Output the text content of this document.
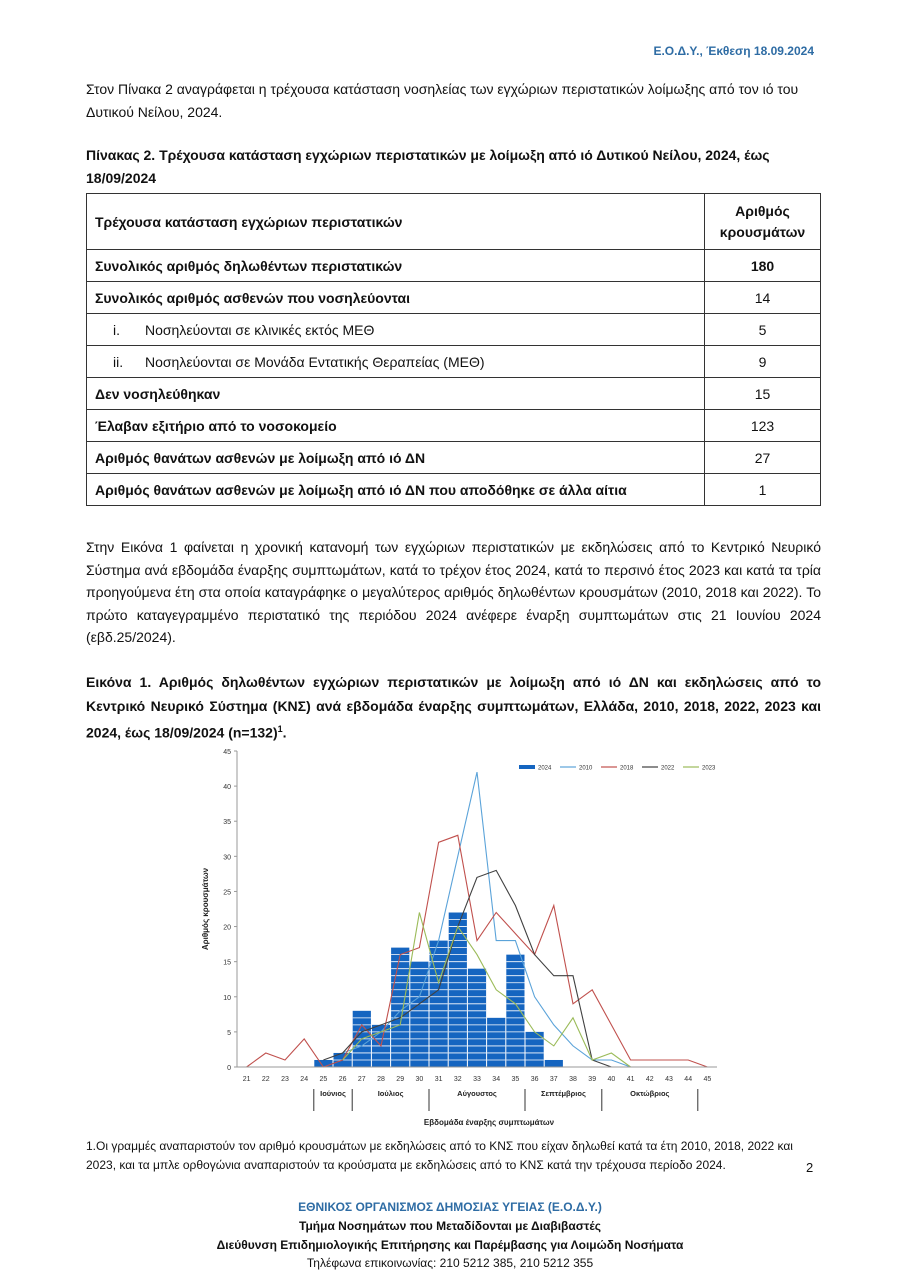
Ε.Ο.Δ.Υ., Έκθεση 18.09.2024
Στον Πίνακα 2 αναγράφεται η τρέχουσα κατάσταση νοσηλείας των εγχώριων περιστατικών λοίμωξης από τον ιό του Δυτικού Νείλου, 2024.
Πίνακας 2. Τρέχουσα κατάσταση εγχώριων περιστατικών με λοίμωξη από ιό Δυτικού Νείλου, 2024, έως 18/09/2024
Τρέχουσα κατάσταση εγχώριων περιστατικών	Αριθμός κρουσμάτων
Συνολικός αριθμός δηλωθέντων περιστατικών	180
Συνολικός αριθμός ασθενών που νοσηλεύονται	14
i. Νοσηλεύονται σε κλινικές εκτός ΜΕΘ	5
ii. Νοσηλεύονται σε Μονάδα Εντατικής Θεραπείας (ΜΕΘ)	9
Δεν νοσηλεύθηκαν	15
Έλαβαν εξιτήριο από το νοσοκομείο	123
Αριθμός θανάτων ασθενών με λοίμωξη από ιό ΔΝ	27
Αριθμός θανάτων ασθενών με λοίμωξη από ιό ΔΝ που αποδόθηκε σε άλλα αίτια	1
Στην Εικόνα 1 φαίνεται η χρονική κατανομή των εγχώριων περιστατικών με εκδηλώσεις από το Κεντρικό Νευρικό Σύστημα ανά εβδομάδα έναρξης συμπτωμάτων, κατά το τρέχον έτος 2024, κατά το περσινό έτος 2023 και κατά τα τρία προηγούμενα έτη στα οποία καταγράφηκε ο μεγαλύτερος αριθμός δηλωθέντων κρουσμάτων (2010, 2018 και 2022). Το πρώτο καταγεγραμμένο περιστατικό της περιόδου 2024 ανέφερε έναρξη συμπτωμάτων στις 21 Ιουνίου 2024 (εβδ.25/2024).
Εικόνα 1. Αριθμός δηλωθέντων εγχώριων περιστατικών με λοίμωξη από ιό ΔΝ και εκδηλώσεις από το Κεντρικό Νευρικό Σύστημα (ΚΝΣ) ανά εβδομάδα έναρξης συμπτωμάτων, Ελλάδα, 2010, 2018, 2022, 2023 και 2024, έως 18/09/2024 (n=132)$^1$.
0
5
10
15
20
25
30
35
40
45
Αριθμός κρουσμάτων
21 22 23 24 25 26 27 28 29 30 31 32 33 34 35 36 37 38 39 40 41 42 43 44 45
Ιούνιος	Ιούλιος	Αύγουστος	Σεπτέμβριος	Οκτώβριος
Εβδομάδα έναρξης συμπτωμάτων
2024	2010	2018	2022	2023
1.Οι γραμμές αναπαριστούν τον αριθμό κρουσμάτων με εκδηλώσεις από το ΚΝΣ που είχαν δηλωθεί κατά τα έτη 2010, 2018, 2022 και 2023, και τα μπλε ορθογώνια αναπαριστούν τα κρούσματα με εκδηλώσεις από το ΚΝΣ κατά την τρέχουσα περίοδο 2024.	2
ΕΘΝΙΚΟΣ ΟΡΓΑΝΙΣΜΟΣ ΔΗΜΟΣΙΑΣ ΥΓΕΙΑΣ (Ε.Ο.Δ.Υ.)
Τμήμα Νοσημάτων που Μεταδίδονται με Διαβιβαστές
Διεύθυνση Επιδημιολογικής Επιτήρησης και Παρέμβασης για Λοιμώδη Νοσήματα
Τηλέφωνα επικοινωνίας: 210 5212 385, 210 5212 355
